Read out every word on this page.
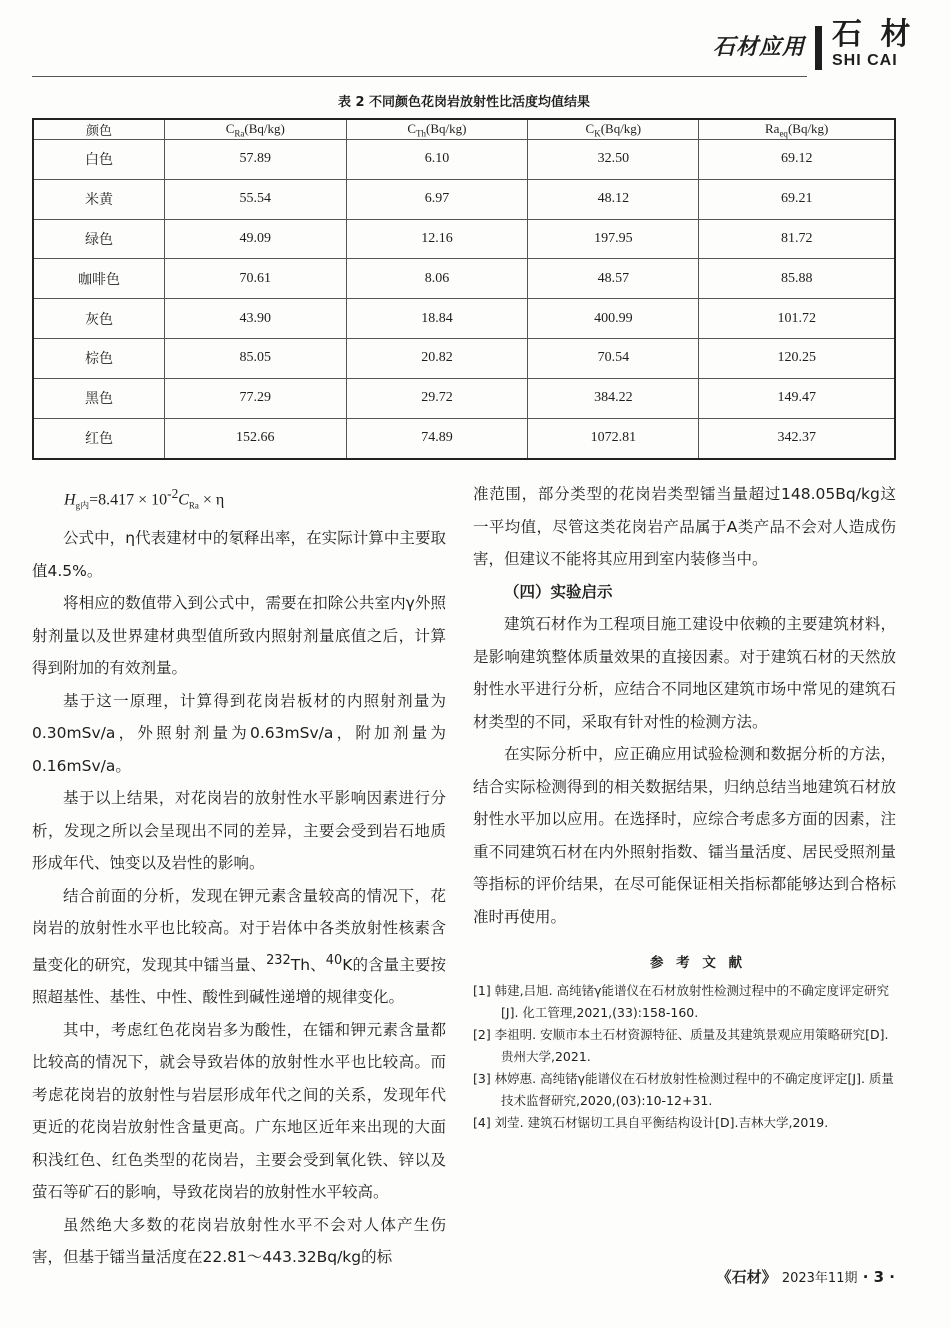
石材应用 石 材
SHI CAI
表 2 不同颜色花岗岩放射性比活度均值结果
颜色	$C_{Ra}(Bq/kg)$	$C_{Th}(Bq/kg)$	$C_K(Bq/kg)$	$Ra_{eq}(Bq/kg)$
白色	57.89	6.10	32.50	69.12
米黄	55.54	6.97	48.12	69.21
绿色	49.09	12.16	197.95	81.72
咖啡色	70.61	8.06	48.57	85.88
灰色	43.90	18.84	400.99	101.72
棕色	85.05	20.82	70.54	120.25
黑色	77.29	29.72	384.22	149.47
红色	152.66	74.89	1072.81	342.37

$H_{g内}=8.417 \times 10^{-2}C_{Ra} \times \eta$

公式中，η代表建材中的氡释出率，在实际计算中主要取值4.5%。

将相应的数值带入到公式中，需要在扣除公共室内γ外照射剂量以及世界建材典型值所致内照射剂量底值之后，计算得到附加的有效剂量。

基于这一原理，计算得到花岗岩板材的内照射剂量为0.30mSv/a，外照射剂量为0.63mSv/a，附加剂量为0.16mSv/a。

基于以上结果，对花岗岩的放射性水平影响因素进行分析，发现之所以会呈现出不同的差异，主要会受到岩石地质形成年代、蚀变以及岩性的影响。

结合前面的分析，发现在钾元素含量较高的情况下，花岗岩的放射性水平也比较高。对于岩体中各类放射性核素含量变化的研究，发现其中镭当量、$^{232}$Th、$^{40}$K的含量主要按照超基性、基性、中性、酸性到碱性递增的规律变化。

其中，考虑红色花岗岩多为酸性，在镭和钾元素含量都比较高的情况下，就会导致岩体的放射性水平也比较高。而考虑花岗岩的放射性与岩层形成年代之间的关系，发现年代更近的花岗岩放射性含量更高。广东地区近年来出现的大面积浅红色、红色类型的花岗岩，主要会受到氧化铁、锌以及萤石等矿石的影响，导致花岗岩的放射性水平较高。

虽然绝大多数的花岗岩放射性水平不会对人体产生伤害，但基于镭当量活度在22.81～443.32Bq/kg的标

准范围，部分类型的花岗岩类型镭当量超过148.05Bq/kg这一平均值，尽管这类花岗岩产品属于A类产品不会对人造成伤害，但建议不能将其应用到室内装修当中。

（四）实验启示

建筑石材作为工程项目施工建设中依赖的主要建筑材料，是影响建筑整体质量效果的直接因素。对于建筑石材的天然放射性水平进行分析，应结合不同地区建筑市场中常见的建筑石材类型的不同，采取有针对性的检测方法。

在实际分析中，应正确应用试验检测和数据分析的方法，结合实际检测得到的相关数据结果，归纳总结当地建筑石材放射性水平加以应用。在选择时，应综合考虑多方面的因素，注重不同建筑石材在内外照射指数、镭当量活度、居民受照剂量等指标的评价结果，在尽可能保证相关指标都能够达到合格标准时再使用。

参 考 文 献

[1] 韩建,吕旭. 高纯锗γ能谱仪在石材放射性检测过程中的不确定度评定研究[J]. 化工管理,2021,(33):158-160.
[2] 李祖明. 安顺市本土石材资源特征、质量及其建筑景观应用策略研究[D].贵州大学,2021.
[3] 林婷惠. 高纯锗γ能谱仪在石材放射性检测过程中的不确定度评定[J]. 质量技术监督研究,2020,(03):10-12+31.
[4] 刘莹. 建筑石材锯切工具自平衡结构设计[D].吉林大学,2019.
《石材》 2023年11期 · 3 ·
